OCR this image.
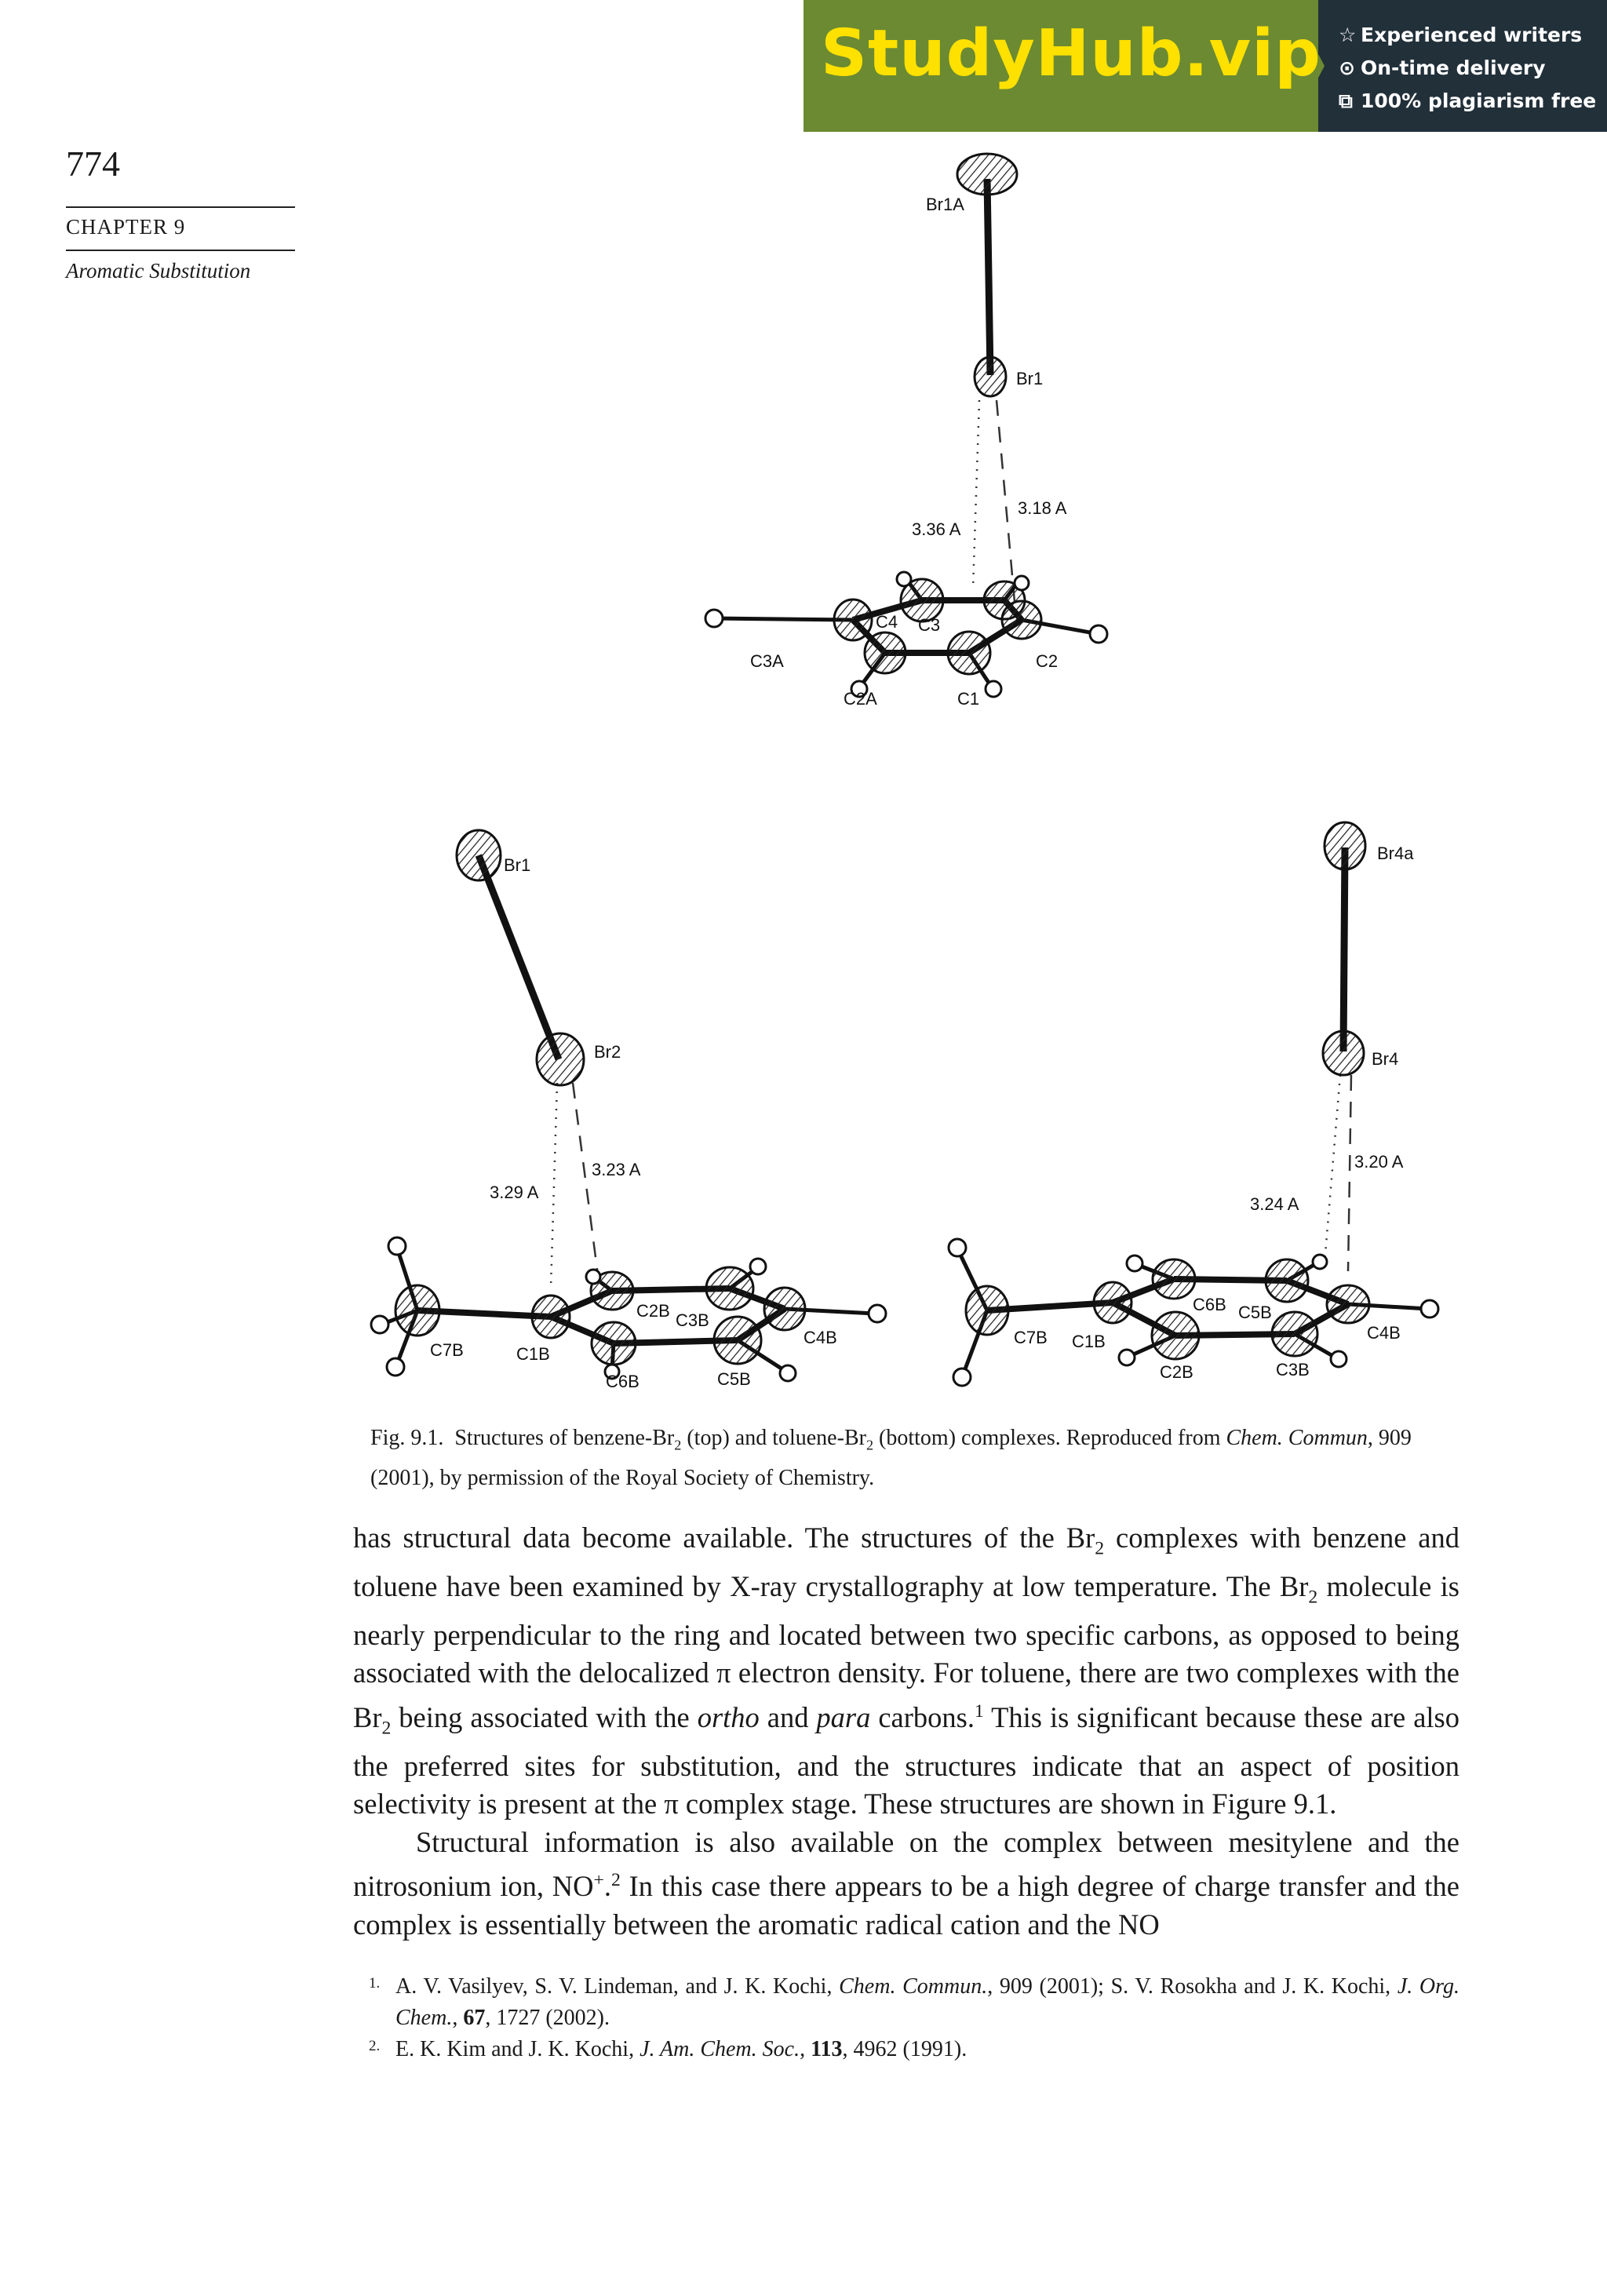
StudyHub.vip ☆ Experienced writers
⊙ On-time delivery
⧉ 100% plagiarism free
774
CHAPTER 9
Aromatic Substitution
Br1A
Br1
3.36 A
3.18 A
C4 C3
C3A	C2
C2A	C1
Br1
Br2
3.29 A
3.23 A
C7B	C1B
C2B C3B
C4B
C5B
C6B
Br4a
Br4
3.24 A
3.20 A
C7B C1B
C6B C5B
C4B
C2B	C3B
Fig. 9.1. Structures of benzene-$Br_2$ (top) and toluene-$Br_2$ (bottom) complexes. Reproduced from Chem. Commun, 909 (2001), by permission of the Royal Society of Chemistry.

has structural data become available. The structures of the $Br_2$ complexes with benzene and toluene have been examined by X-ray crystallography at low temperature. The $Br_2$ molecule is nearly perpendicular to the ring and located between two specific carbons, as opposed to being associated with the delocalized π electron density. For toluene, there are two complexes with the $Br_2$ being associated with the ortho and para carbons.$^1$ This is significant because these are also the preferred sites for substitution, and the structures indicate that an aspect of position selectivity is present at the π complex stage. These structures are shown in Figure 9.1.

Structural information is also available on the complex between mesitylene and the nitrosonium ion, NO+.$^2$ In this case there appears to be a high degree of charge transfer and the complex is essentially between the aromatic radical cation and the NO

1. A. V. Vasilyev, S. V. Lindeman, and J. K. Kochi, Chem. Commun., 909 (2001); S. V. Rosokha and J. K. Kochi, J. Org. Chem., 67, 1727 (2002).
2. E. K. Kim and J. K. Kochi, J. Am. Chem. Soc., 113, 4962 (1991).
